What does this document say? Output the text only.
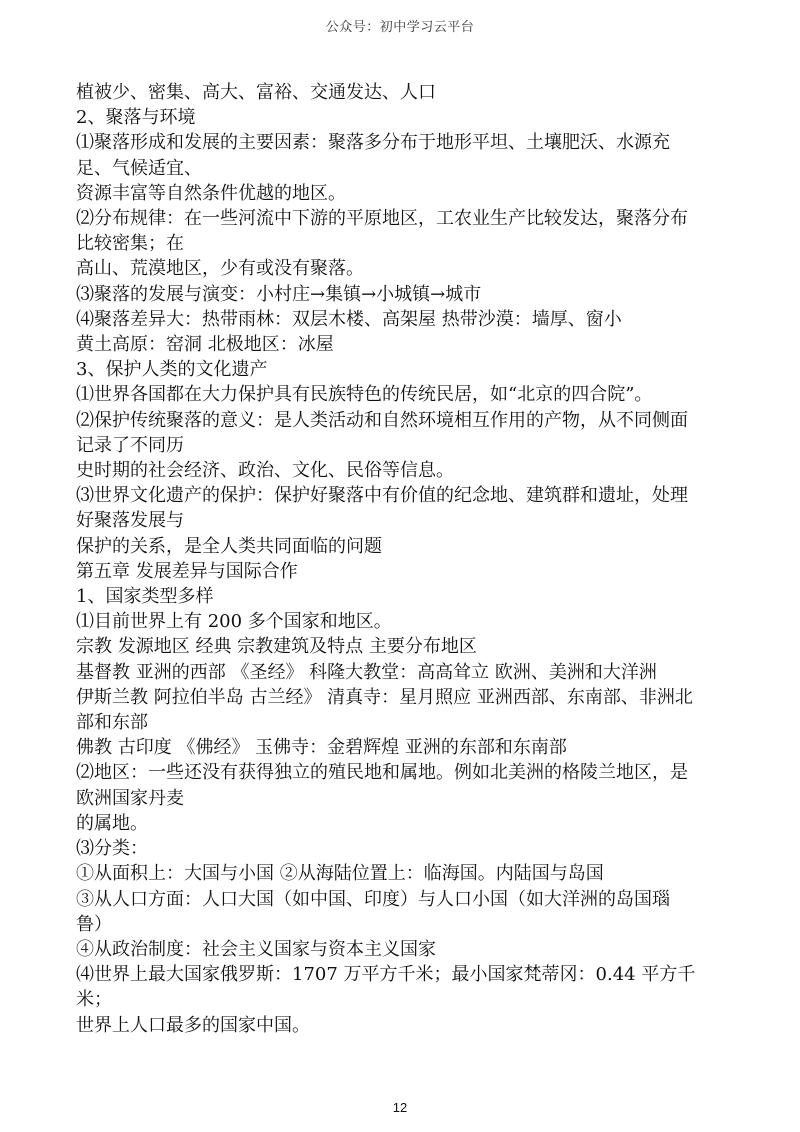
公众号：初中学习云平台
植被少、密集、高大、富裕、交通发达、人口
2、聚落与环境
⑴聚落形成和发展的主要因素：聚落多分布于地形平坦、土壤肥沃、水源充
足、气候适宜、
资源丰富等自然条件优越的地区。
⑵分布规律：在一些河流中下游的平原地区，工农业生产比较发达，聚落分布
比较密集；在
高山、荒漠地区，少有或没有聚落。
⑶聚落的发展与演变：小村庄→集镇→小城镇→城市
⑷聚落差异大：热带雨林：双层木楼、高架屋 热带沙漠：墙厚、窗小
黄土高原：窑洞 北极地区：冰屋
3、保护人类的文化遗产
⑴世界各国都在大力保护具有民族特色的传统民居，如“北京的四合院”。
⑵保护传统聚落的意义：是人类活动和自然环境相互作用的产物，从不同侧面
记录了不同历
史时期的社会经济、政治、文化、民俗等信息。
⑶世界文化遗产的保护：保护好聚落中有价值的纪念地、建筑群和遗址，处理
好聚落发展与
保护的关系，是全人类共同面临的问题
第五章 发展差异与国际合作
1、国家类型多样
⑴目前世界上有 200 多个国家和地区。
宗教 发源地区 经典 宗教建筑及特点 主要分布地区
基督教 亚洲的西部 《圣经》 科隆大教堂：高高耸立 欧洲、美洲和大洋洲
伊斯兰教 阿拉伯半岛 古兰经》 清真寺：星月照应 亚洲西部、东南部、非洲北
部和东部
佛教 古印度 《佛经》 玉佛寺：金碧辉煌 亚洲的东部和东南部
⑵地区：一些还没有获得独立的殖民地和属地。例如北美洲的格陵兰地区，是
欧洲国家丹麦
的属地。
⑶分类：
①从面积上：大国与小国 ②从海陆位置上：临海国。内陆国与岛国
③从人口方面：人口大国（如中国、印度）与人口小国（如大洋洲的岛国瑙
鲁）
④从政治制度：社会主义国家与资本主义国家
⑷世界上最大国家俄罗斯：1707 万平方千米；最小国家梵蒂冈：0.44 平方千
米；
世界上人口最多的国家中国。
12
